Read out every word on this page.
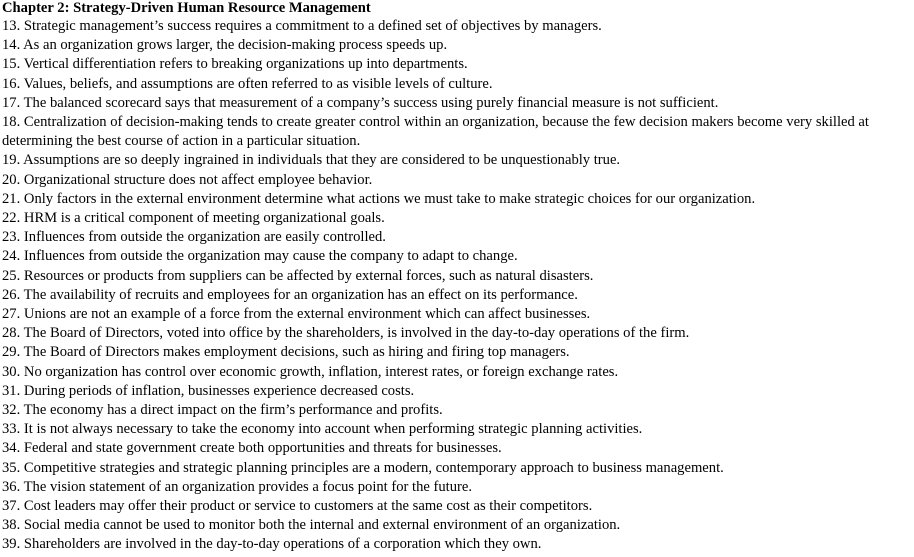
Chapter 2: Strategy-Driven Human Resource Management

13. Strategic management’s success requires a commitment to a defined set of objectives by managers.
14. As an organization grows larger, the decision-making process speeds up.
15. Vertical differentiation refers to breaking organizations up into departments.
16. Values, beliefs, and assumptions are often referred to as visible levels of culture.
17. The balanced scorecard says that measurement of a company’s success using purely financial measure is not sufficient.
18. Centralization of decision-making tends to create greater control within an organization, because the few decision makers become very skilled at determining the best course of action in a particular situation.
19. Assumptions are so deeply ingrained in individuals that they are considered to be unquestionably true.
20. Organizational structure does not affect employee behavior.
21. Only factors in the external environment determine what actions we must take to make strategic choices for our organization.
22. HRM is a critical component of meeting organizational goals.
23. Influences from outside the organization are easily controlled.
24. Influences from outside the organization may cause the company to adapt to change.
25. Resources or products from suppliers can be affected by external forces, such as natural disasters.
26. The availability of recruits and employees for an organization has an effect on its performance.
27. Unions are not an example of a force from the external environment which can affect businesses.
28. The Board of Directors, voted into office by the shareholders, is involved in the day-to-day operations of the firm.
29. The Board of Directors makes employment decisions, such as hiring and firing top managers.
30. No organization has control over economic growth, inflation, interest rates, or foreign exchange rates.
31. During periods of inflation, businesses experience decreased costs.
32. The economy has a direct impact on the firm’s performance and profits.
33. It is not always necessary to take the economy into account when performing strategic planning activities.
34. Federal and state government create both opportunities and threats for businesses.
35. Competitive strategies and strategic planning principles are a modern, contemporary approach to business management.
36. The vision statement of an organization provides a focus point for the future.
37. Cost leaders may offer their product or service to customers at the same cost as their competitors.
38. Social media cannot be used to monitor both the internal and external environment of an organization.
39. Shareholders are involved in the day-to-day operations of a corporation which they own.
